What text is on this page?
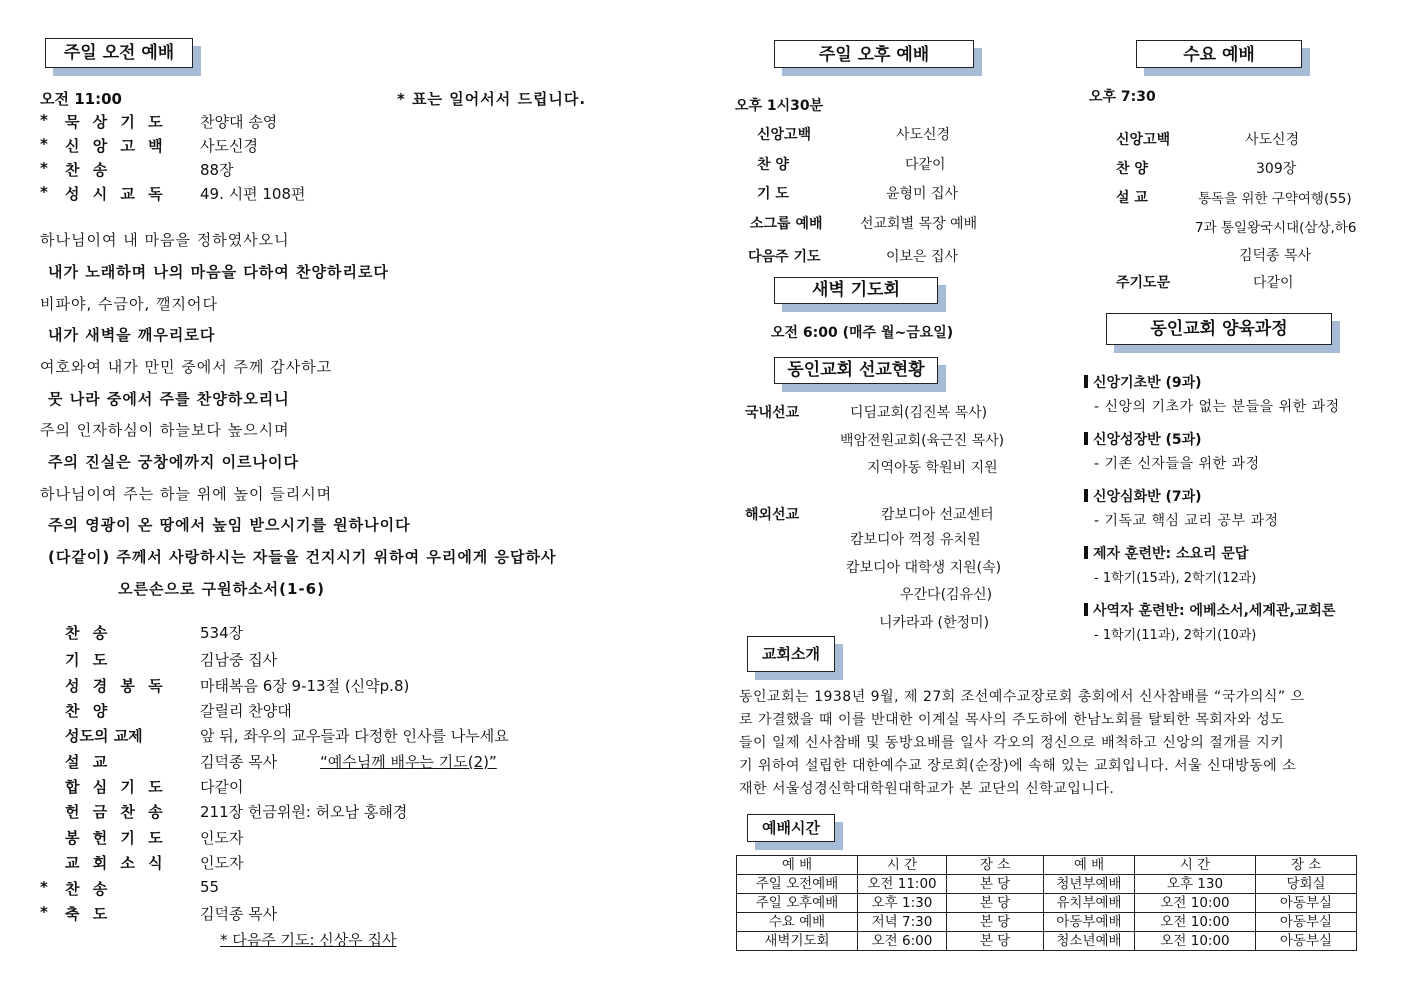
주일 오전 예배
오전 11:00	* 표는 일어서서 드립니다.
* 묵 상 기 도 찬양대 송영
* 신 앙 고 백 사도신경
* 찬 송	88장
* 성 시 교 독 49. 시편 108편
하나님이여 내 마음을 정하였사오니
내가 노래하며 나의 마음을 다하여 찬양하리로다
비파야, 수금아, 깰지어다
내가 새벽을 깨우리로다
여호와여 내가 만민 중에서 주께 감사하고
뭇 나라 중에서 주를 찬양하오리니
주의 인자하심이 하늘보다 높으시며
주의 진실은 궁창에까지 이르나이다
하나님이여 주는 하늘 위에 높이 들리시며
주의 영광이 온 땅에서 높임 받으시기를 원하나이다
(다같이) 주께서 사랑하시는 자들을 건지시기 위하여 우리에게 응답하사
오른손으로 구원하소서(1-6)
찬 송	534장
기 도	김남중 집사
성 경 봉 독 마태복음 6장 9-13절 (신약p.8)
찬 양	갈릴리 찬양대
성도의 교제	앞 뒤, 좌우의 교우들과 다정한 인사를 나누세요
설 교	김덕종 목사	“예수님께 배우는 기도(2)”
합 심 기 도 다같이
헌 금 찬 송 211장 헌금위원: 허오남 홍해경
봉 헌 기 도 인도자
교 회 소 식 인도자
* 찬 송	55
* 축 도	김덕종 목사
* 다음주 기도: 신상우 집사
주일 오후 예배
오후 1시30분
신앙고백	사도신경
찬 양	다같이
기 도	윤형미 집사
소그룹 예배	선교회별 목장 예배
다음주 기도	이보은 집사
새벽 기도회
오전 6:00 (매주 월~금요일)
동인교회 선교현황
국내선교	디딤교회(김진복 목사)
백암전원교회(육근진 목사)
지역아동 학원비 지원
해외선교	캄보디아 선교센터
캄보디아 꺽정 유치원
캄보디아 대학생 지원(속)
우간다(김유신)
니카라과 (한정미)
교회소개
동인교회는 1938년 9월, 제 27회 조선예수교장로회 총회에서 신사참배를 “국가의식” 으
로 가결했을 때 이를 반대한 이계실 목사의 주도하에 한남노회를 탈퇴한 목회자와 성도
들이 일제 신사참배 및 동방요배를 일사 각오의 정신으로 배척하고 신앙의 절개를 지키
기 위하여 설립한 대한예수교 장로회(순장)에 속해 있는 교회입니다. 서울 신대방동에 소
재한 서울성경신학대학원대학교가 본 교단의 신학교입니다.
예배시간
예 배	시 간	장 소	예 배	시 간	장 소
주일 오전예배	오전 11:00	본 당	청년부예배	오후 130	당회실
주일 오후예배	오후 1:30	본 당	유치부예배	오전 10:00	아동부실
수요 예배	저녁 7:30	본 당	아동부예배	오전 10:00	아동부실
새벽기도회	오전 6:00	본 당	청소년예배	오전 10:00	아동부실
수요 예배
오후 7:30
신앙고백	사도신경
찬 양	309장
설 교	통독을 위한 구약여행(55)
7과 통일왕국시대(삼상,하6
김덕종 목사
주기도문	다같이
동인교회 양육과정
신앙기초반 (9과)
- 신앙의 기초가 없는 분들을 위한 과정
신앙성장반 (5과)
- 기존 신자들을 위한 과정
신앙심화반 (7과)
- 기독교 핵심 교리 공부 과정
제자 훈련반: 소요리 문답
- 1학기(15과), 2학기(12과)
사역자 훈련반: 에베소서,세계관,교회론
- 1학기(11과), 2학기(10과)
